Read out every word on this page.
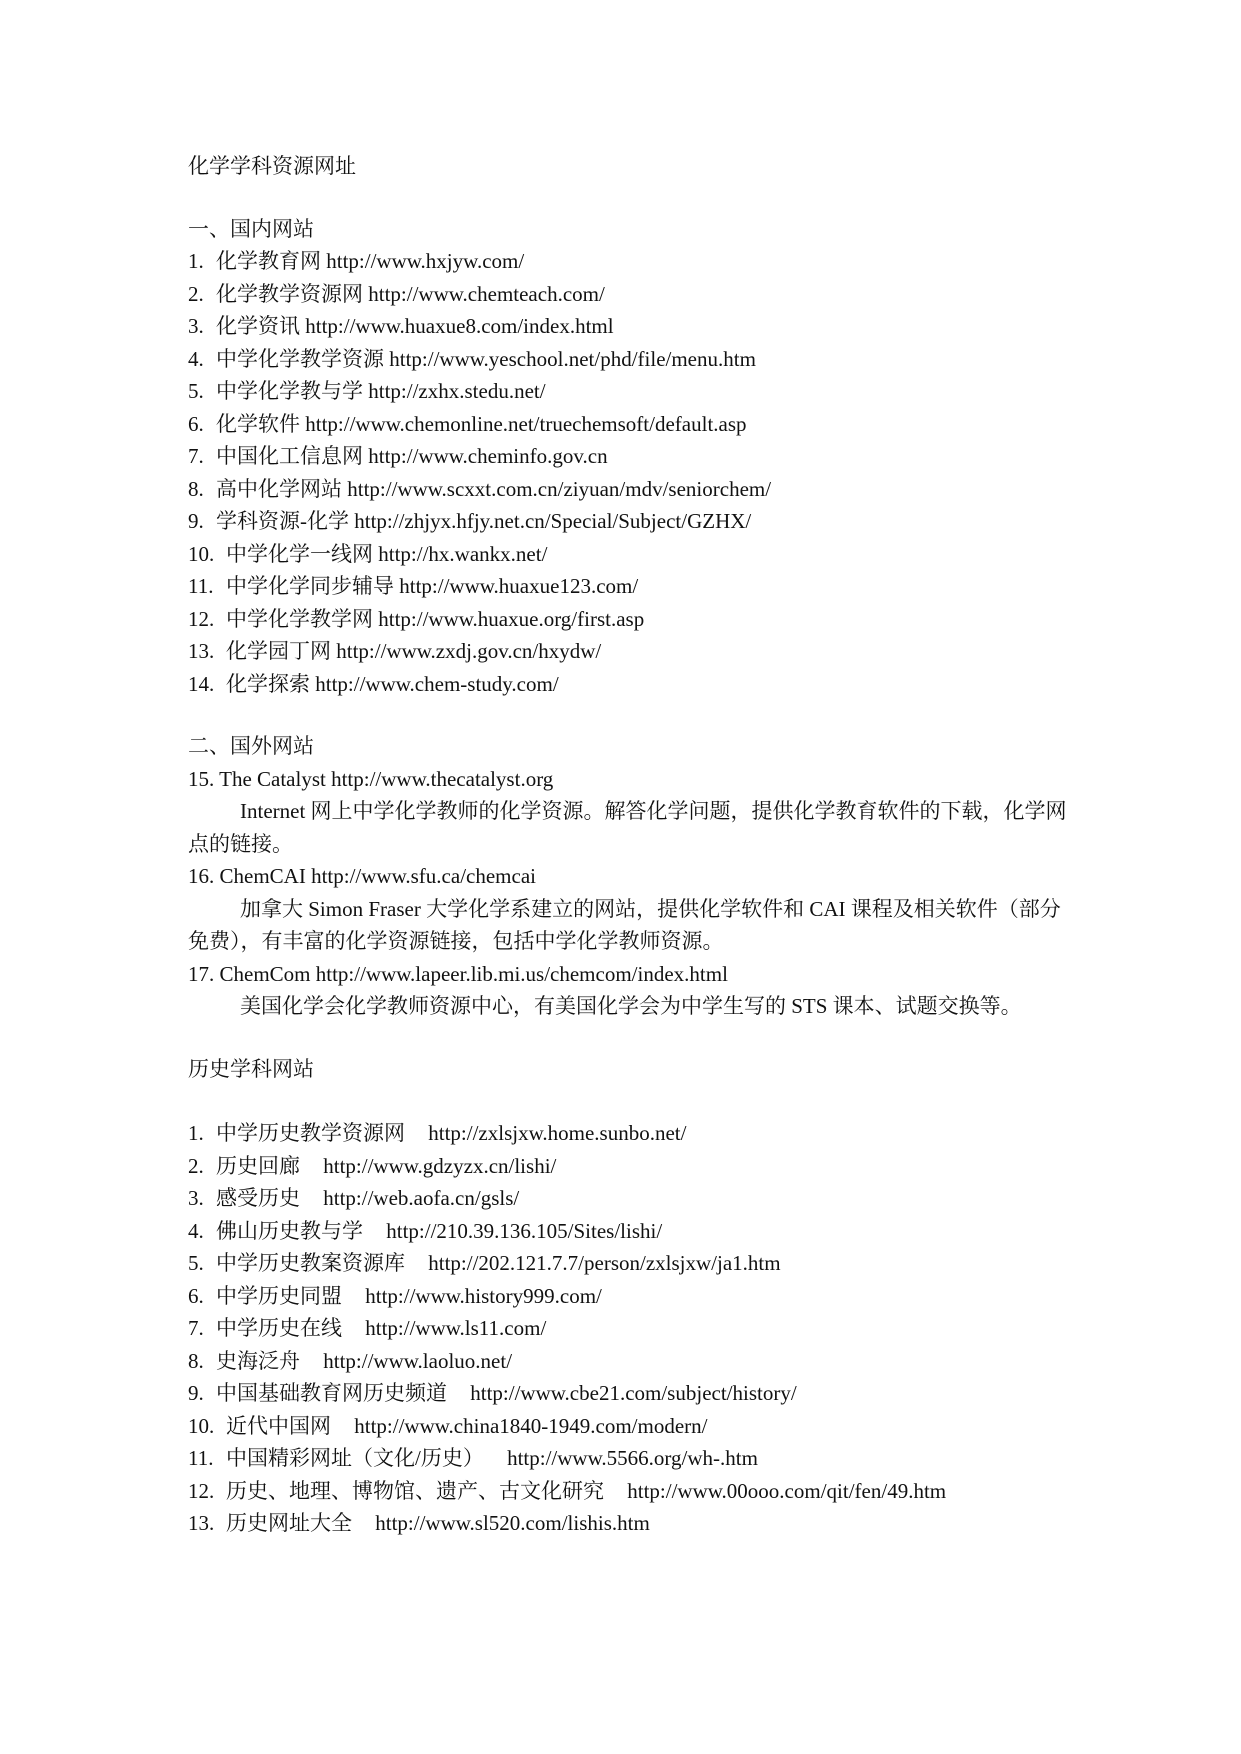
化学学科资源网址
一、国内网站
1. 化学教育网 http://www.hxjyw.com/
2. 化学教学资源网 http://www.chemteach.com/
3. 化学资讯 http://www.huaxue8.com/index.html
4. 中学化学教学资源 http://www.yeschool.net/phd/file/menu.htm
5. 中学化学教与学 http://zxhx.stedu.net/
6. 化学软件 http://www.chemonline.net/truechemsoft/default.asp
7. 中国化工信息网 http://www.cheminfo.gov.cn
8. 高中化学网站 http://www.scxxt.com.cn/ziyuan/mdv/seniorchem/
9. 学科资源-化学 http://zhjyx.hfjy.net.cn/Special/Subject/GZHX/
10. 中学化学一线网 http://hx.wankx.net/
11. 中学化学同步辅导 http://www.huaxue123.com/
12. 中学化学教学网 http://www.huaxue.org/first.asp
13. 化学园丁网 http://www.zxdj.gov.cn/hxydw/
14. 化学探索 http://www.chem-study.com/
二、国外网站
15. The Catalyst http://www.thecatalyst.org

Internet 网上中学化学教师的化学资源。解答化学问题，提供化学教育软件的下载，化学网点的链接。

16. ChemCAI http://www.sfu.ca/chemcai

加拿大 Simon Fraser 大学化学系建立的网站，提供化学软件和 CAI 课程及相关软件（部分免费），有丰富的化学资源链接，包括中学化学教师资源。

17. ChemCom http://www.lapeer.lib.mi.us/chemcom/index.html

美国化学会化学教师资源中心，有美国化学会为中学生写的 STS 课本、试题交换等。

历史学科网站
1. 中学历史教学资源网 http://zxlsjxw.home.sunbo.net/
2. 历史回廊 http://www.gdzyzx.cn/lishi/
3. 感受历史 http://web.aofa.cn/gsls/
4. 佛山历史教与学 http://210.39.136.105/Sites/lishi/
5. 中学历史教案资源库 http://202.121.7.7/person/zxlsjxw/ja1.htm
6. 中学历史同盟 http://www.history999.com/
7. 中学历史在线 http://www.ls11.com/
8. 史海泛舟 http://www.laoluo.net/
9. 中国基础教育网历史频道 http://www.cbe21.com/subject/history/
10. 近代中国网 http://www.china1840-1949.com/modern/
11. 中国精彩网址（文化/历史） http://www.5566.org/wh-.htm
12. 历史、地理、博物馆、遗产、古文化研究 http://www.00ooo.com/qit/fen/49.htm
13. 历史网址大全 http://www.sl520.com/lishis.htm
